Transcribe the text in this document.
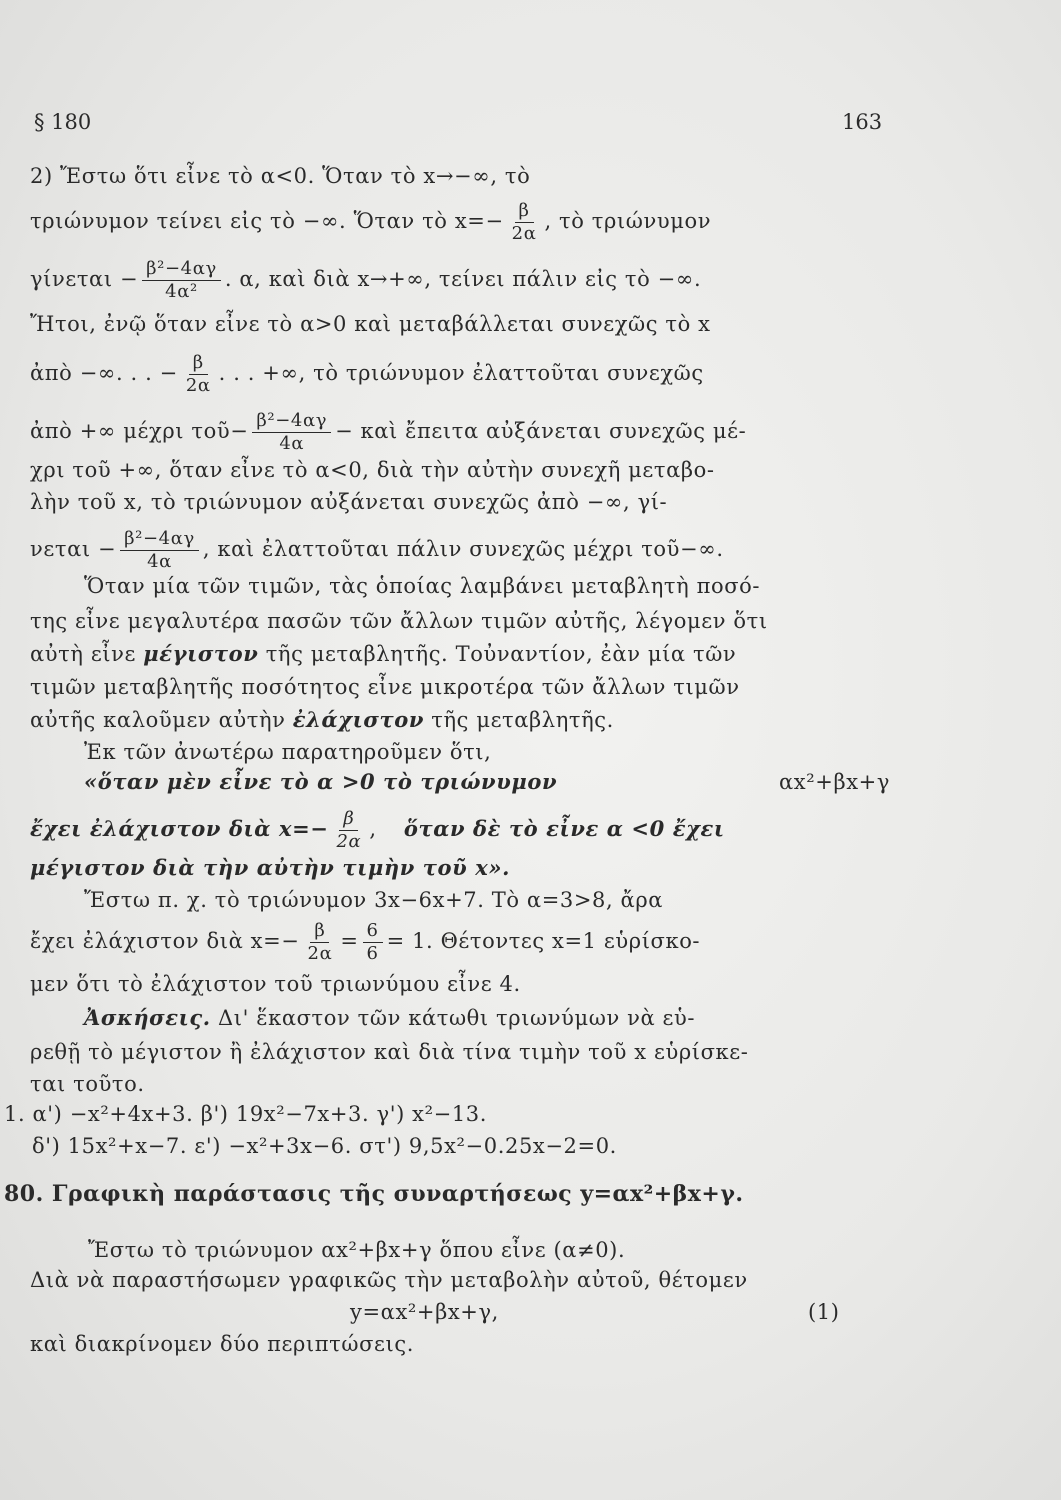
§ 180	163
2) Ἔστω ὅτι εἶνε τὸ α<0. Ὅταν τὸ x→−∞, τὸ
τριώνυμον τείνει εἰς τὸ −∞. Ὅταν τὸ $x=- \frac{\beta}{2\alpha}$ , τὸ τριώνυμον
$\gamma ί\nu\varepsilon\tau\alpha\iota - \frac{\text{β²−4αγ}}{\text{4α²}}$ . α, καὶ διὰ x→+∞, τείνει πάλιν εἰς τὸ −∞.
Ἤτοι, ἐνῷ ὅταν εἶνε τὸ α>0 καὶ μεταβάλλεται συνεχῶς τὸ x
ἀπὸ −∞. . . − $\frac{\beta}{2\alpha}$ . . . +∞, τὸ τριώνυμον ἐλαττοῦται συνεχῶς
ἀπὸ +∞ μέχρι τοῦ− $\frac{\text{β²−4αγ}}{4\alpha}$ − καὶ ἔπειτα αὐξάνεται συνεχῶς μέ-
χρι τοῦ +∞, ὅταν εἶνε τὸ α<0, διὰ τὴν αὐτὴν συνεχῆ μεταβο-
λὴν τοῦ x, τὸ τριώνυμον αὐξάνεται συνεχῶς ἀπὸ −∞, γί-
$\nu\varepsilon\tau\alpha\iota - \frac{\text{β²−4αγ}}{4\alpha}$ , καὶ ἐλαττοῦται πάλιν συνεχῶς μέχρι τοῦ−∞.
Ὅταν μία τῶν τιμῶν, τὰς ὁποίας λαμβάνει μεταβλητὴ ποσό-
της εἶνε μεγαλυτέρα πασῶν τῶν ἄλλων τιμῶν αὐτῆς, λέγομεν ὅτι
αὐτὴ εἶνε μέγιστον τῆς μεταβλητῆς. Τοὐναντίον, ἐὰν μία τῶν
τιμῶν μεταβλητῆς ποσότητος εἶνε μικροτέρα τῶν ἄλλων τιμῶν
αὐτῆς καλοῦμεν αὐτὴν ἐλάχιστον τῆς μεταβλητῆς.
Ἐκ τῶν ἀνωτέρω παρατηροῦμεν ὅτι,
«ὅταν μὲν εἶνε τὸ α >0 τὸ τριώνυμον	αx²+βx+γ
ἔχει ἐλάχιστον διὰ $x=- \frac{\beta}{2\alpha}$ , ὅταν δὲ τὸ εἶνε α <0 ἔχει
μέγιστον διὰ τὴν αὐτὴν τιμὴν τοῦ x».
Ἔστω π. χ. τὸ τριώνυμον 3x−6x+7. Τὸ α=3>8, ἄρα
ἔχει ἐλάχιστον διὰ $x=- \frac{\beta}{2\alpha} = \frac{6}{6} = 1$. Θέτοντες x=1 εὑρίσκο-
μεν ὅτι τὸ ἐλάχιστον τοῦ τριωνύμου εἶνε 4.
Ἀσκήσεις. Δι' ἕκαστον τῶν κάτωθι τριωνύμων νὰ εὑ-
ρεθῇ τὸ μέγιστον ἢ ἐλάχιστον καὶ διὰ τίνα τιμὴν τοῦ x εὑρίσκε-
ται τοῦτο.
1. α') −x²+4x+3. β') 19x²−7x+3. γ') x²−13.
δ') 15x²+x−7. ε') −x²+3x−6. στ') 9,5x²−0.25x−2=0.
80. Γραφικὴ παράστασις τῆς συναρτήσεως y=αx²+βx+γ.
Ἔστω τὸ τριώνυμον αx²+βx+γ ὅπου εἶνε (α≠0).
Διὰ νὰ παραστήσωμεν γραφικῶς τὴν μεταβολὴν αὐτοῦ, θέτομεν
y=αx²+βx+γ,	(1)
καὶ διακρίνομεν δύο περιπτώσεις.
